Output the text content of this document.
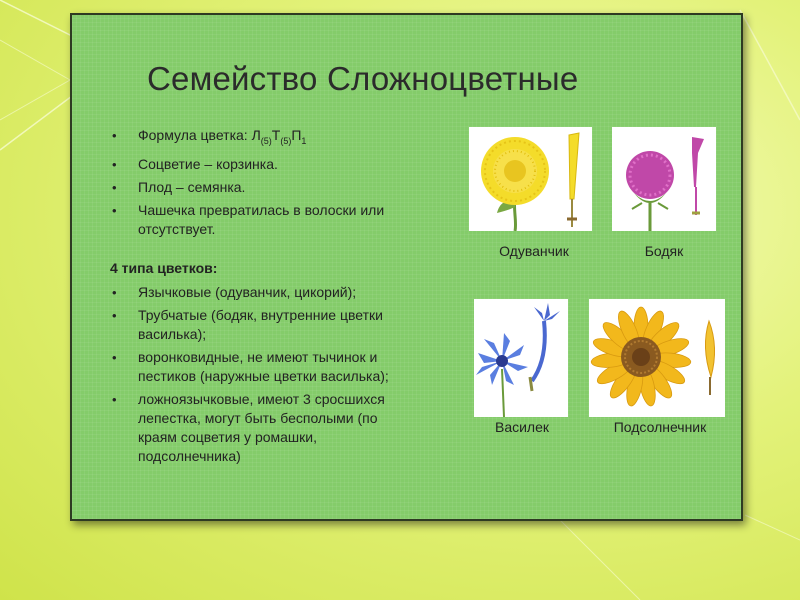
Семейство Сложноцветные

• Формула цветка: $Л_{(5)}Т_{(5)}П_1$

• Соцветие – корзинка.

• Плод – семянка.

• Чашечка превратилась в волоски или отсутствует.

4 типа цветков:

• Язычковые (одуванчик, цикорий);

• Трубчатые (бодяк, внутренние цветки василька);

• воронковидные, не имеют тычинок и пестиков (наружные цветки василька);

• ложноязычковые, имеют 3 сросшихся лепестка, могут быть бесполыми (по краям соцветия у ромашки, подсолнечника)

Одуванчик	Бодяк
Василек	Подсолнечник
